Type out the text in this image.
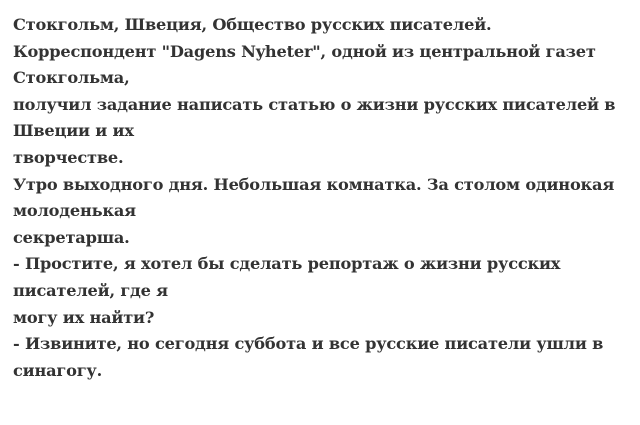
Стокгольм, Швеция, Общество русских писателей.
Корреспондент "Dagens Nyheter", одной из центральной газет
Стокгольма,
получил задание написать статью о жизни русских писателей в
Швеции и их
творчестве.
Утро выходного дня. Небольшая комнатка. За столом одинокая
молоденькая
секретарша.
- Простите, я хотел бы сделать репортаж о жизни русских
писателей, где я
могу их найти?
- Извините, но сегодня суббота и все русские писатели ушли в
синагогу.
